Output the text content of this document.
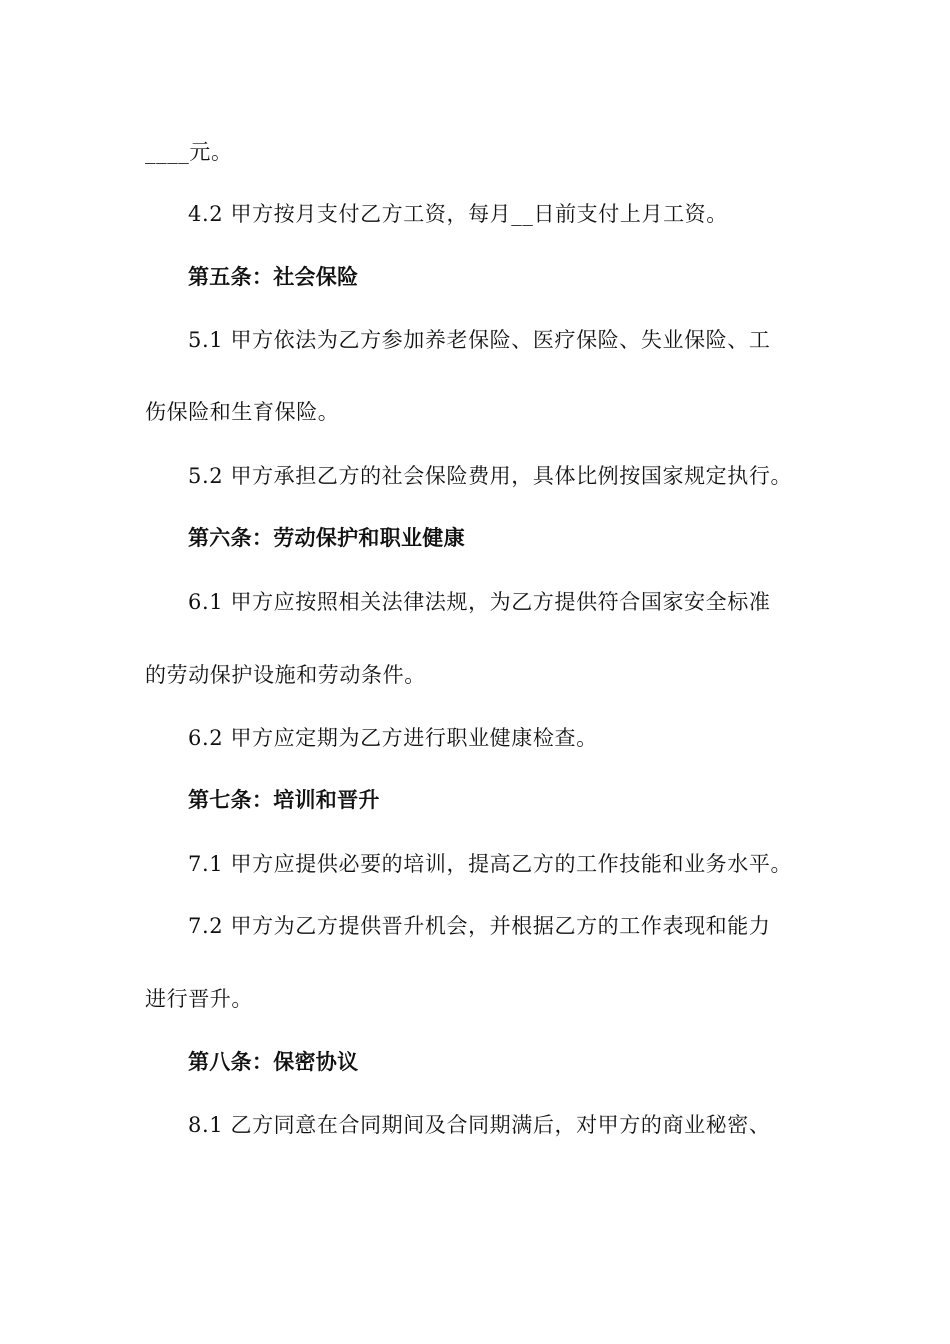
____元。
4.2 甲方按月支付乙方工资，每月__日前支付上月工资。
第五条：社会保险
5.1 甲方依法为乙方参加养老保险、医疗保险、失业保险、工
伤保险和生育保险。
5.2 甲方承担乙方的社会保险费用，具体比例按国家规定执行。
第六条：劳动保护和职业健康
6.1 甲方应按照相关法律法规，为乙方提供符合国家安全标准
的劳动保护设施和劳动条件。
6.2 甲方应定期为乙方进行职业健康检查。
第七条：培训和晋升
7.1 甲方应提供必要的培训，提高乙方的工作技能和业务水平。
7.2 甲方为乙方提供晋升机会，并根据乙方的工作表现和能力
进行晋升。
第八条：保密协议
8.1 乙方同意在合同期间及合同期满后，对甲方的商业秘密、
